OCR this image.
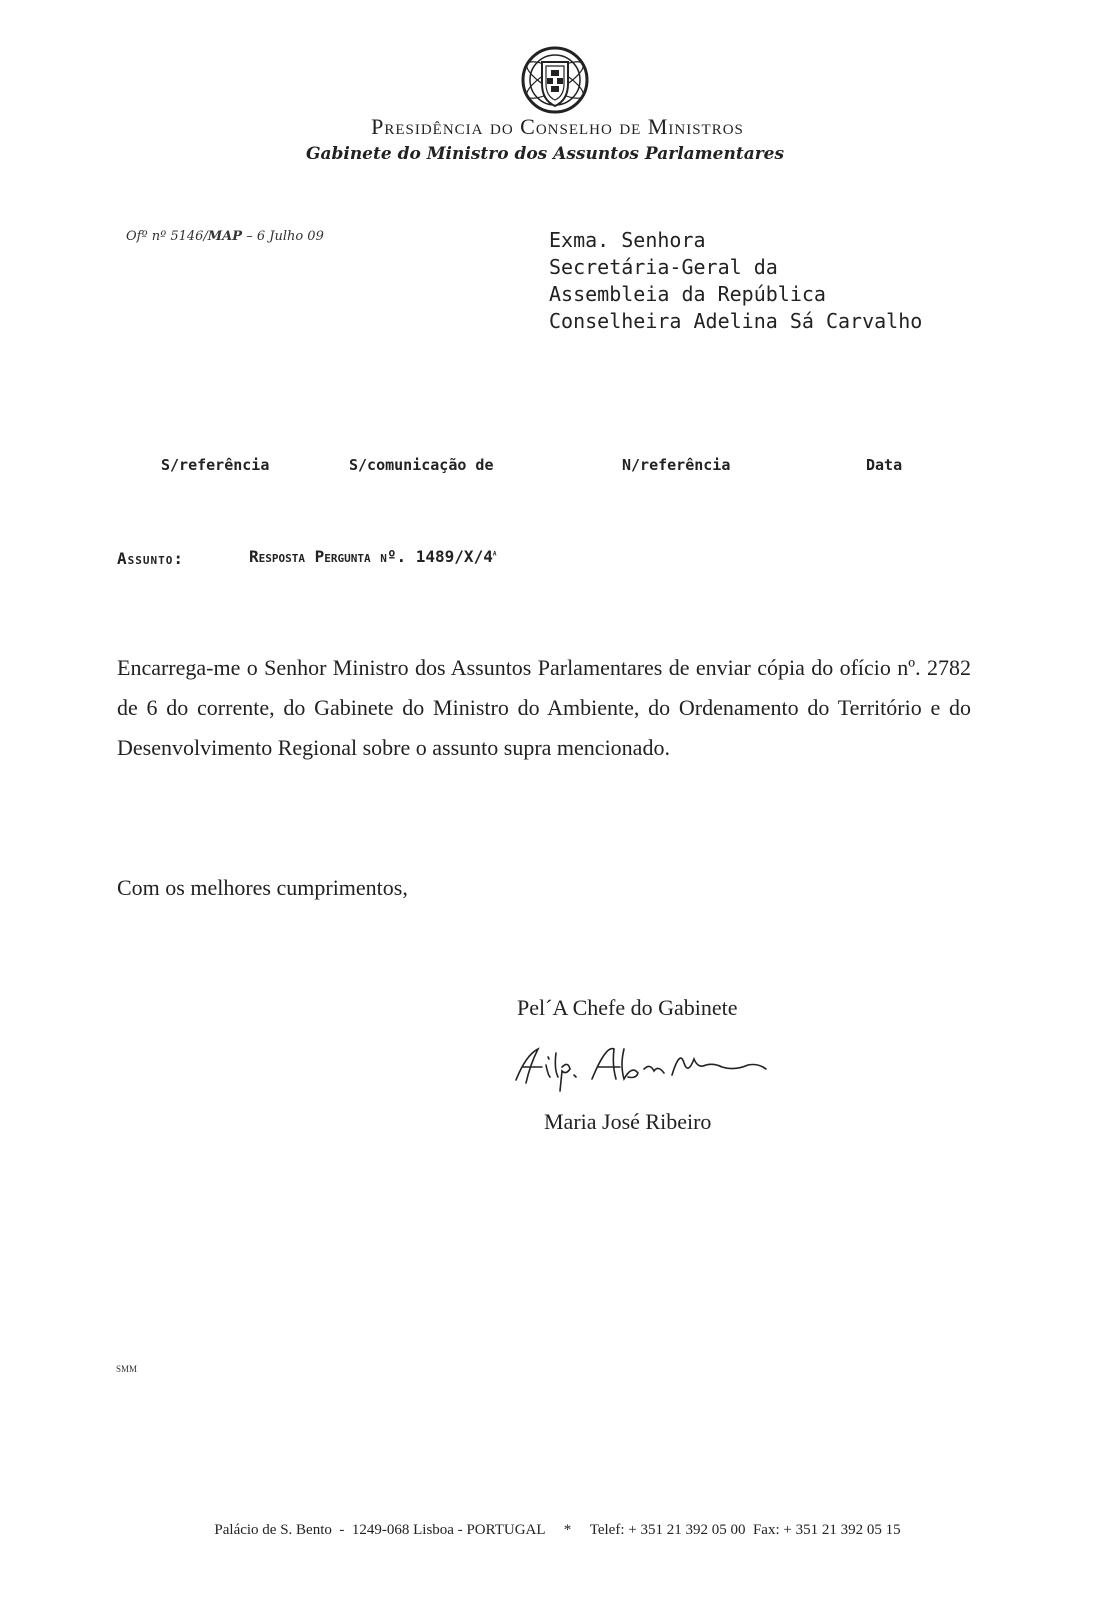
Presidência do Conselho de Ministros
Gabinete do Ministro dos Assuntos Parlamentares
Ofº nº 5146/MAP – 6 Julho 09	Exma. Senhora
Secretária-Geral da
Assembleia da República
Conselheira Adelina Sá Carvalho
S/referência	S/comunicação de	N/referência	Data
Assunto:	Resposta Pergunta nº. 1489/X/4$^a$
Encarrega-me o Senhor Ministro dos Assuntos Parlamentares de enviar cópia do ofício nº. 2782 de 6 do corrente, do Gabinete do Ministro do Ambiente, do Ordenamento do Território e do Desenvolvimento Regional sobre o assunto supra mencionado.
Com os melhores cumprimentos,
Pel´A Chefe do Gabinete
Maria José Ribeiro
SMM
Palácio de S. Bento  -  1249-068 Lisboa - PORTUGAL     *     Telef: + 351 21 392 05 00  Fax: + 351 21 392 05 15
